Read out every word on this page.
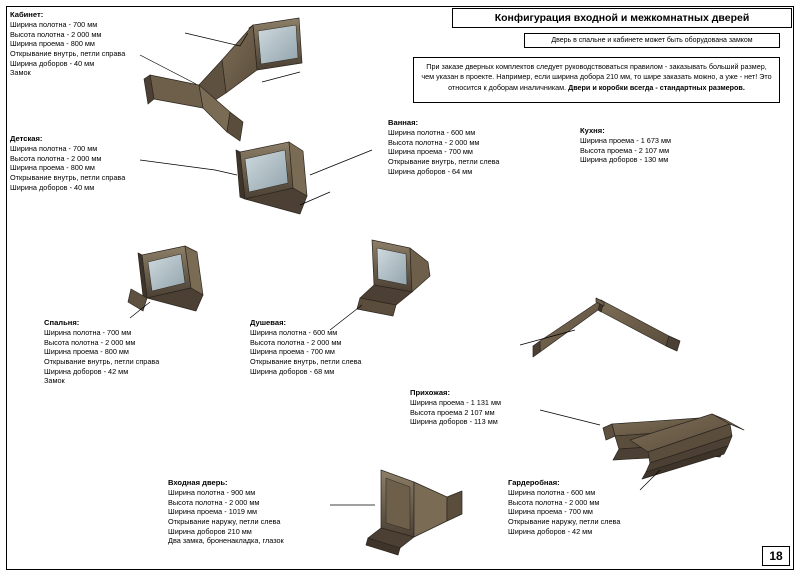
Конфигурация входной и межкомнатных дверей
Дверь в спальне и кабинете может быть оборудована замком
При заказе дверных комплектов следует руководствоваться правилом - заказывать больший размер, чем указан в проекте. Например, если ширина добора 210 мм, то шире заказать можно, а уже - нет! Это относится к доборам иналичникам. Двери и коробки всегда - стандартных размеров.
Кабинет:
Ширина полотна - 700 мм
Высота полотна - 2 000 мм
Ширина проема - 800 мм
Открывание внутрь, петли справа
Ширина доборов - 40 мм
Замок
Детская:
Ширина полотна - 700 мм
Высота полотна - 2 000 мм
Ширина проема - 800 мм
Открывание внутрь, петли справа
Ширина доборов - 40 мм
Ванная:
Ширина полотна - 600 мм
Высота полотна - 2 000 мм
Ширина проема - 700 мм
Открывание внутрь, петли слева
Ширина доборов - 64 мм
Кухня:
Ширина проема - 1 673 мм
Высота проема - 2 107 мм
Ширина доборов - 130 мм
Спальня:
Ширина полотна - 700 мм
Высота полотна - 2 000 мм
Ширина проема - 800 мм
Открывание внутрь, петли справа
Ширина доборов - 42 мм
Замок
Душевая:
Ширина полотна - 600 мм
Высота полотна - 2 000 мм
Ширина проема - 700 мм
Открывание внутрь, петли слева
Ширина доборов - 68 мм
Прихожая:
Ширина проема - 1 131 мм
Высота проема 2 107 мм
Ширина доборов - 113 мм
Входная дверь:
Ширина полотна - 900 мм
Высота полотна - 2 000 мм
Ширина проема - 1019 мм
Открывание наружу, петли слева
Ширина доборов 210 мм
Два замка, броненакладка, глазок
Гардеробная:
Ширина полотна - 600 мм
Высота полотна - 2 000 мм
Ширина проема - 700 мм
Открывание наружу, петли слева
Ширина доборов - 42 мм
18
